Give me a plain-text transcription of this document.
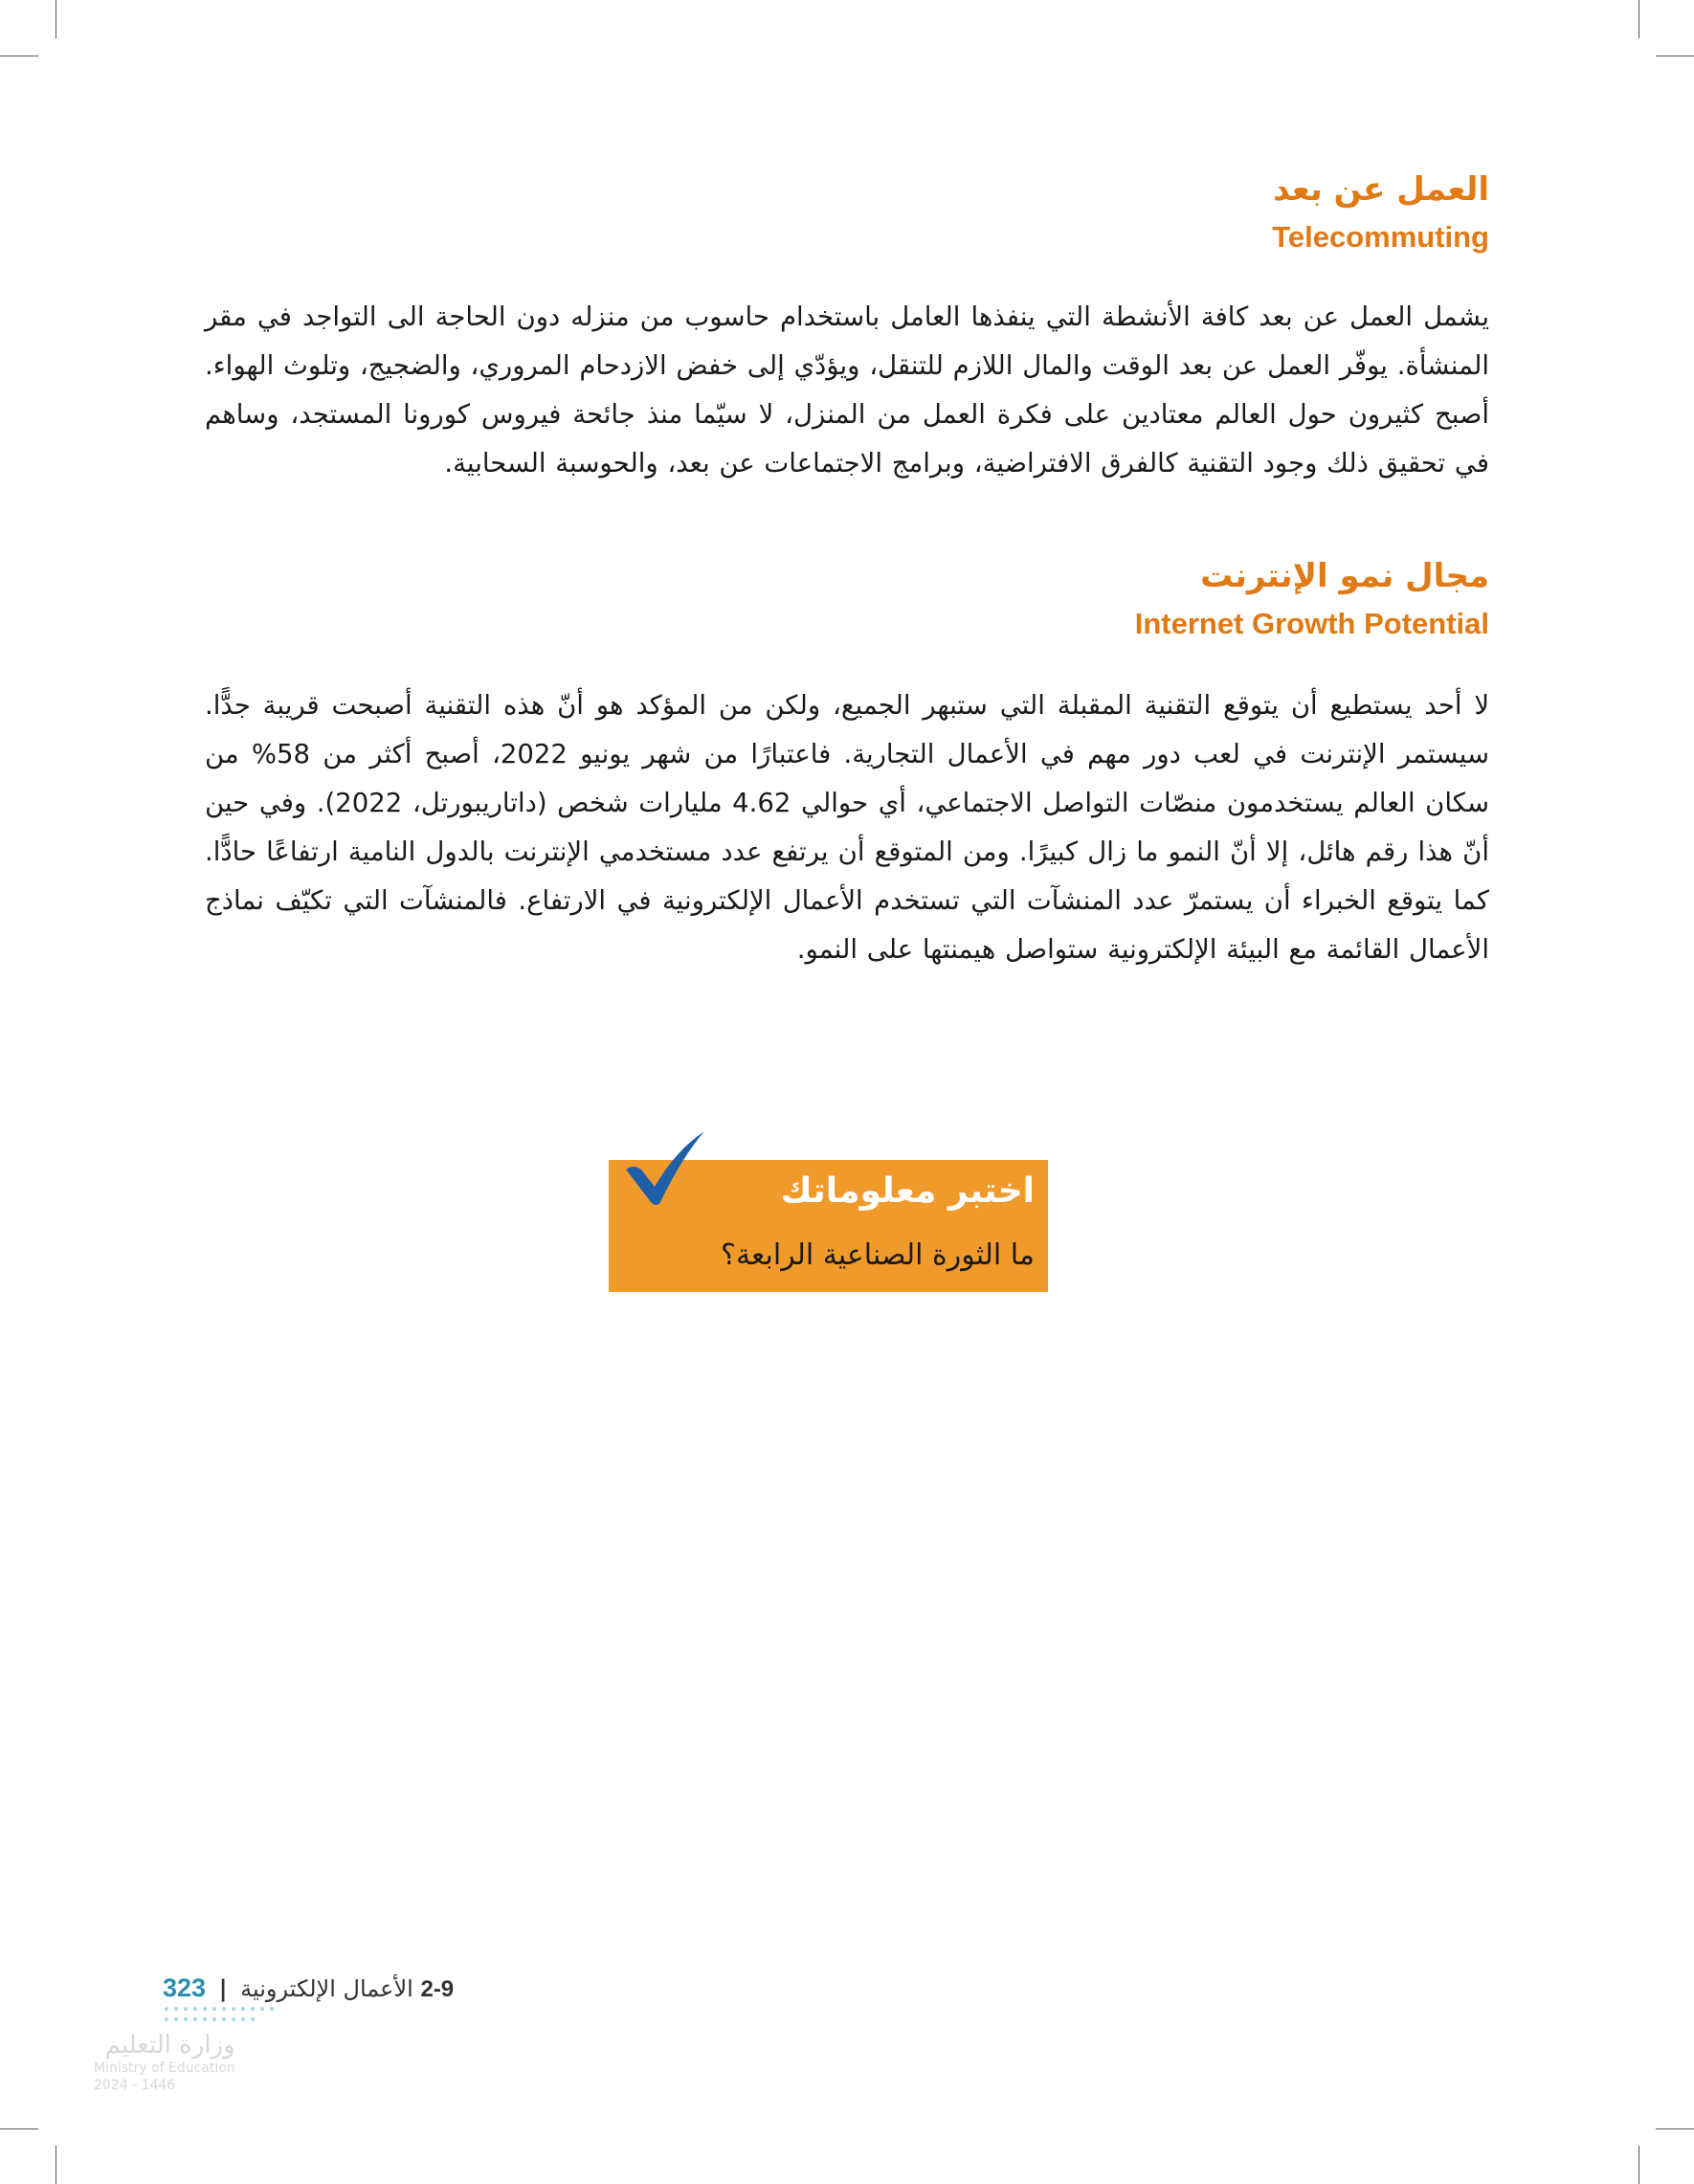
العمل عن بعد
Telecommuting

يشمل العمل عن بعد كافة الأنشطة التي ينفذها العامل باستخدام حاسوب من منزله دون الحاجة الى التواجد في مقر المنشأة. يوفّر العمل عن بعد الوقت والمال اللازم للتنقل، ويؤدّي إلى خفض الازدحام المروري، والضجيج، وتلوث الهواء. أصبح كثيرون حول العالم معتادين على فكرة العمل من المنزل، لا سيّما منذ جائحة فيروس كورونا المستجد، وساهم في تحقيق ذلك وجود التقنية كالفرق الافتراضية، وبرامج الاجتماعات عن بعد، والحوسبة السحابية.

مجال نمو الإنترنت
Internet Growth Potential

لا أحد يستطيع أن يتوقع التقنية المقبلة التي ستبهر الجميع، ولكن من المؤكد هو أنّ هذه التقنية أصبحت قريبة جدًّا. سيستمر الإنترنت في لعب دور مهم في الأعمال التجارية. فاعتبارًا من شهر يونيو 2022، أصبح أكثر من 58% من سكان العالم يستخدمون منصّات التواصل الاجتماعي، أي حوالي 4.62 مليارات شخص (داتاريبورتل، 2022). وفي حين أنّ هذا رقم هائل، إلا أنّ النمو ما زال كبيرًا. ومن المتوقع أن يرتفع عدد مستخدمي الإنترنت بالدول النامية ارتفاعًا حادًّا. كما يتوقع الخبراء أن يستمرّ عدد المنشآت التي تستخدم الأعمال الإلكترونية في الارتفاع. فالمنشآت التي تكيّف نماذج الأعمال القائمة مع البيئة الإلكترونية ستواصل هيمنتها على النمو.

اختبر معلوماتك
ما الثورة الصناعية الرابعة؟
2-9 الأعمال الإلكترونية | 323
وزارة التعليم
Ministry of Education
2024 - 1446
